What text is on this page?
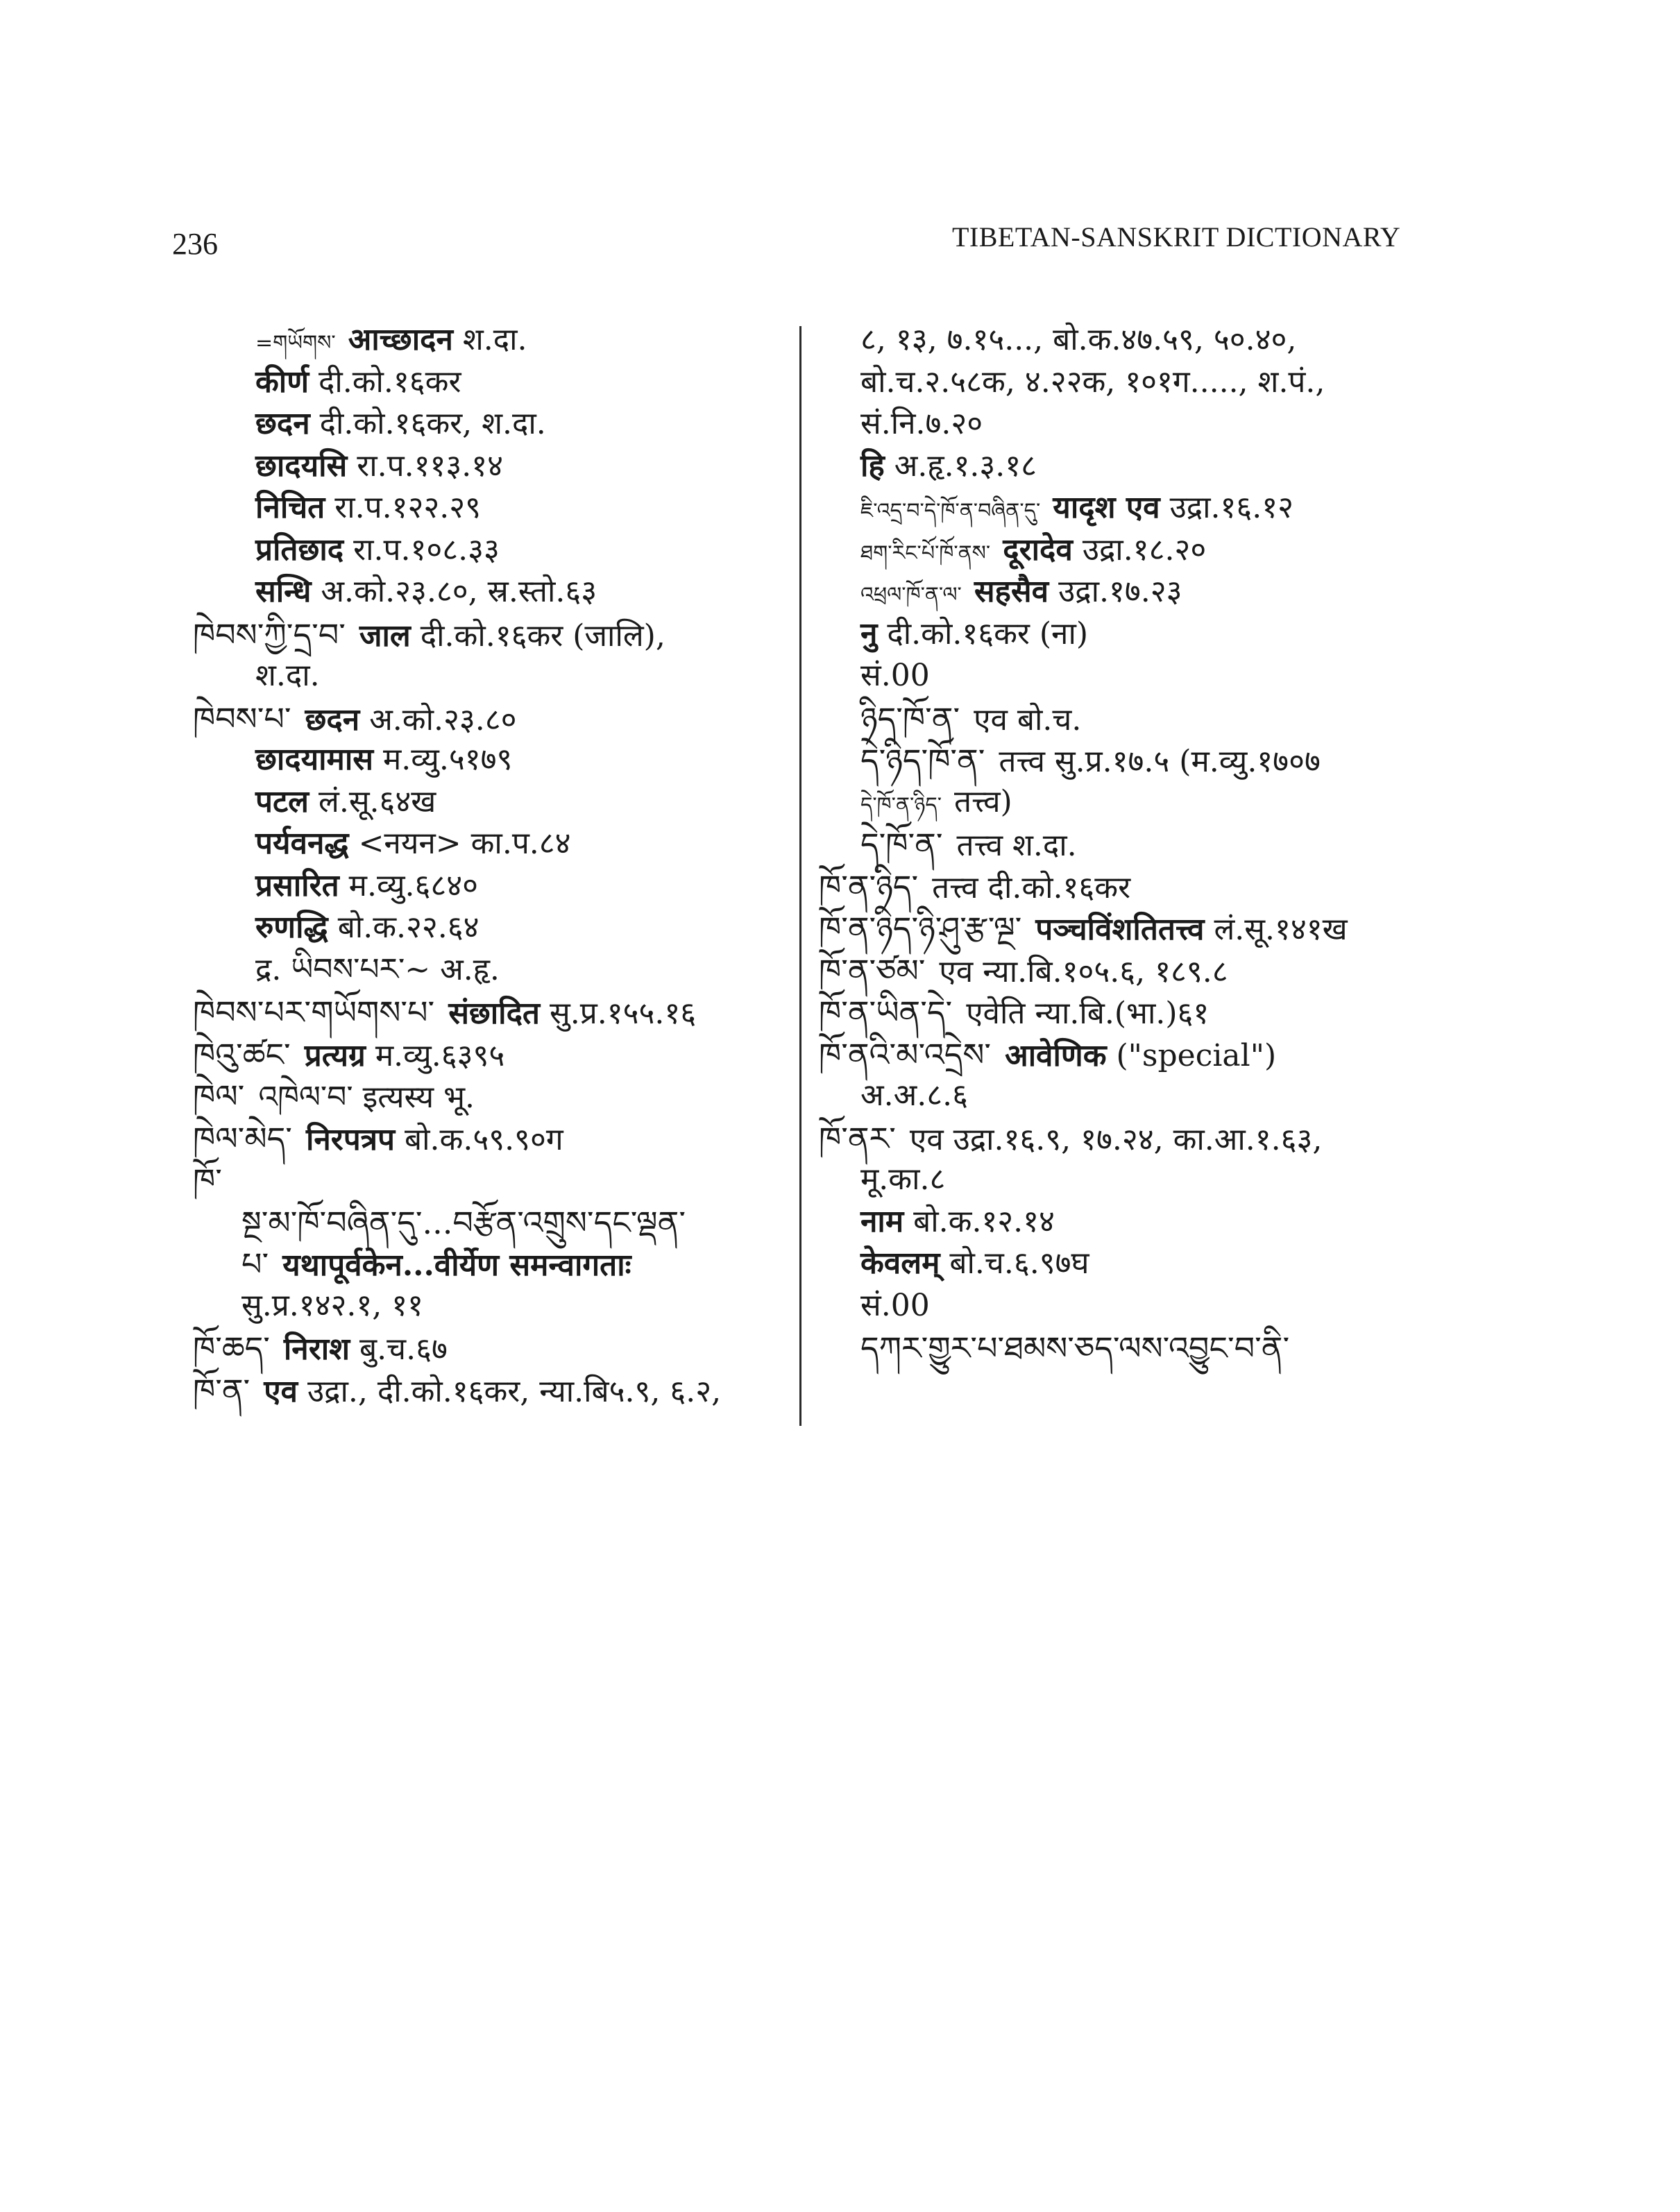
236	TIBETAN-SANSKRIT DICTIONARY
=གཡོགས་ आच्छादन श.दा.
कीर्ण दी.को.१६कर
छदन दी.को.१६कर, श.दा.
छादयसि रा.प.११३.१४
निचित रा.प.१२२.२९
प्रतिछाद रा.प.१०८.३३
सन्धि अ.को.२३.८०, स्र.स्तो.६३
ཁེབས་ཀྱི་དྲ་བ་ जाल दी.को.१६कर (जालि),
श.दा.
ཁེབས་པ་ छदन अ.को.२३.८०
छादयामास म.व्यु.५१७९
पटल लं.सू.६४ख
पर्यवनद्ध <नयन> का.प.८४
प्रसारित म.व्यु.६८४०
रुणद्धि बो.क.२२.६४
द्र. ཡིབས་པར་~ अ.हृ.
ཁེབས་པར་གཡོགས་པ་ संछादित सु.प्र.१५५.१६
ཁེའུ་ཚང་ प्रत्यग्र म.व्यु.६३९५
ཁེལ་ འཁེལ་བ་ इत्यस्य भू.
ཁེལ་མེད་ निरपत्रप बो.क.५९.९०ग
ཁོ་
སྔ་མ་ཁོ་བཞིན་དུ་...བརྩོན་འགྲུས་དང་ལྡན་
པ་ यथापूर्वकेन...वीर्येण समन्वागताः
सु.प्र.१४२.१, ११
ཁོ་ཆད་ निराश बु.च.६७
ཁོ་ན་ एव उद्रा., दी.को.१६कर, न्या.बि५.९, ६.२,
८, १३, ७.१५..., बो.क.४७.५९, ५०.४०,
बो.च.२.५८क, ४.२२क, १०१ग....., श.पं.,
सं.नि.७.२०
हि अ.हृ.१.३.१८
ཇི་འདྲ་བ་དེ་ཁོ་ན་བཞིན་དུ་ यादृश एव उद्रा.१६.१२
ཐག་རིང་པོ་ཁོ་ནས་ दूरादेव उद्रा.१८.२०
འཕྲལ་ཁོ་ན་ལ་ सहसैव उद्रा.१७.२३
नु दी.को.१६कर (ना)
सं.00
ཉིད་ཁོ་ན་ एव बो.च.
དེ་ཉིད་ཁོ་ན་ तत्त्व सु.प्र.१७.५ (म.व्यु.१७०७
དེ་ཁོ་ན་ཉིད་ तत्त्व)
དེ་ཁོ་ན་ तत्त्व श.दा.
ཁོ་ན་ཉིད་ तत्त्व दी.को.१६कर
ཁོ་ན་ཉིད་ཉི་ཤུ་རྩ་ལྔ་ पञ्चविंशतितत्त्व लं.सू.१४१ख
ཁོ་ན་ཙམ་ एव न्या.बि.१०५.६, १८९.८
ཁོ་ན་ཡིན་དེ་ एवेति न्या.बि.(भा.)६१
ཁོ་ནའི་མ་འདྲེས་ आवेणिक ("special")
अ.अ.८.६
ཁོ་ནར་ एव उद्रा.१६.९, १७.२४, का.आ.१.६३,
मू.का.८
नाम बो.क.१२.१४
केवलम् बो.च.६.९७घ
सं.00
དཀར་གྱུར་པ་ཐམས་ཅད་ལས་འབྱུང་བ་ནི་
